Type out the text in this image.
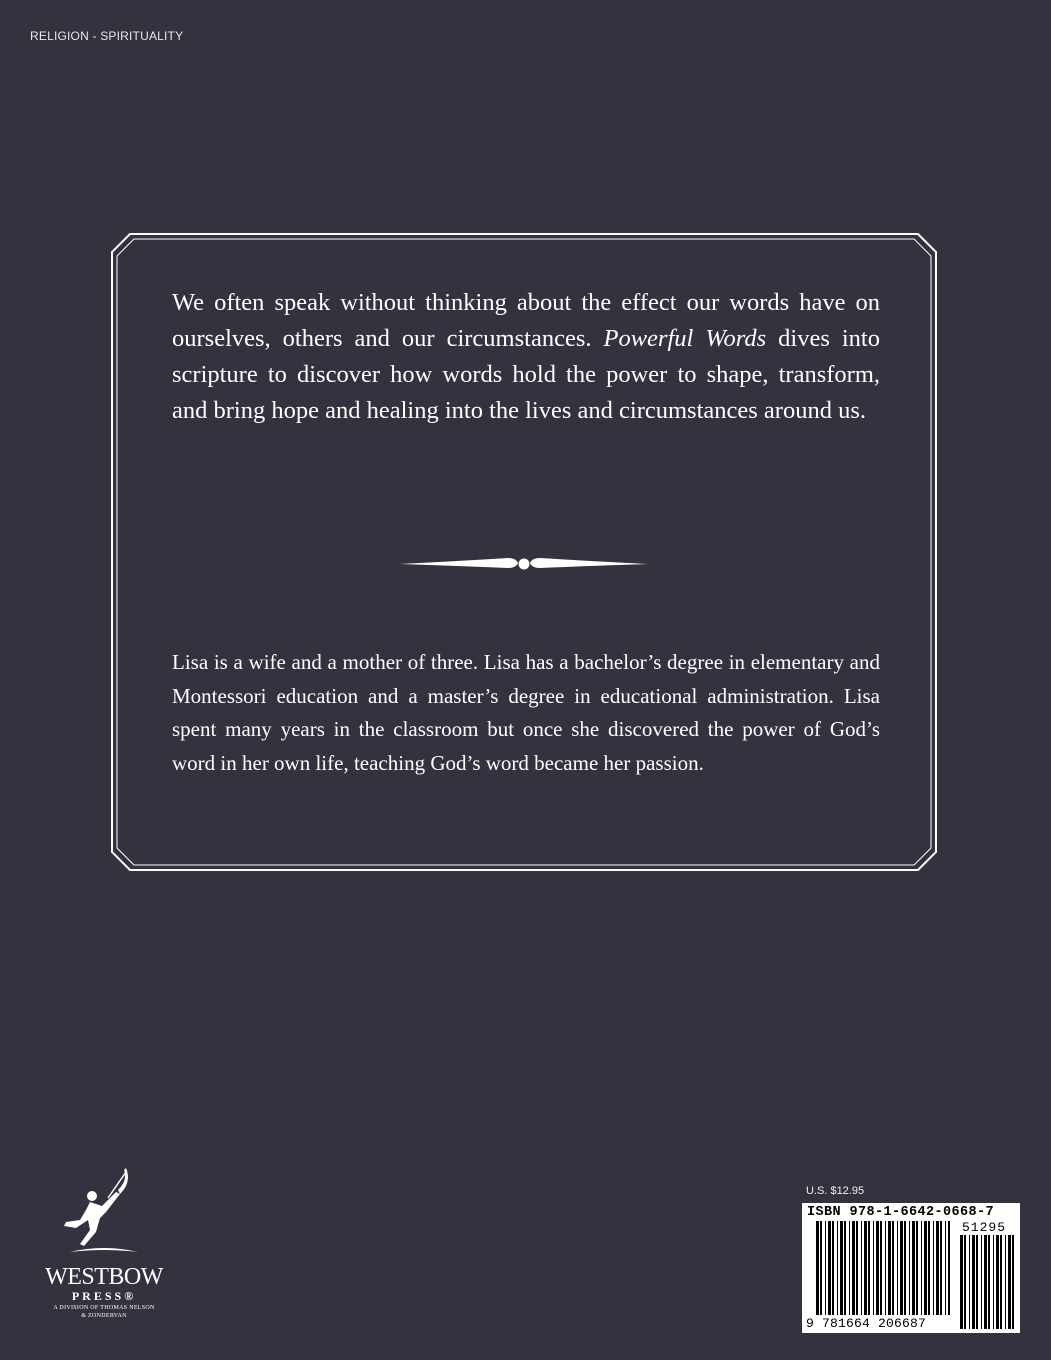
RELIGION - SPIRITUALITY

We often speak without thinking about the effect our words have on ourselves, others and our circumstances. Powerful Words dives into scripture to discover how words hold the power to shape, transform, and bring hope and healing into the lives and circumstances around us.

Lisa is a wife and a mother of three. Lisa has a bachelor’s degree in elementary and Montessori education and a master’s degree in educational administration. Lisa spent many years in the classroom but once she discovered the power of God’s word in her own life, teaching God’s word became her passion.

U.S. $12.95
ISBN 978-1-6642-0668-7
51295
9 781664 206687
WESTBOW
PRESS®
A DIVISION OF THOMAS NELSON
& ZONDERVAN
